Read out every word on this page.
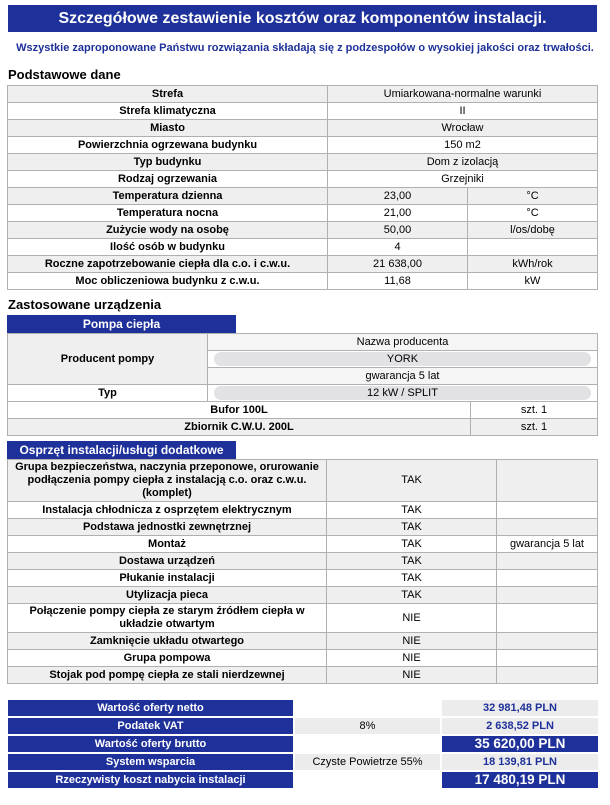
Szczegółowe zestawienie kosztów oraz komponentów instalacji.
Wszystkie zaproponowane Państwu rozwiązania składają się z podzespołów o wysokiej jakości oraz trwałości.
Podstawowe dane
Strefa	Umiarkowana-normalne warunki	
Strefa klimatyczna	II	
Miasto	Wrocław	
Powierzchnia ogrzewana budynku	150 m2	
Typ budynku	Dom z izolacją	
Rodzaj ogrzewania	Grzejniki	
Temperatura dzienna	23,00	°C
Temperatura nocna	21,00	°C
Zużycie wody na osobę	50,00	l/os/dobę
Ilość osób w budynku	4	
Roczne zapotrzebowanie ciepła dla c.o. i c.w.u.	21 638,00	kWh/rok
Moc obliczeniowa budynku z c.w.u.	11,68	kW
Zastosowane urządzenia
Pompa ciepła
Producent pompy	Nazwa producenta	

	YORK	

	gwarancja 5 lat	
Typ	12 kW / SPLIT	

Bufor 100L		szt. 1
Zbiornik C.W.U. 200L		szt. 1
Osprzęt instalacji/usługi dodatkowe
Grupa bezpieczeństwa, naczynia przeponowe, orurowanie podłączenia pompy ciepła z instalacją c.o. oraz c.w.u. (komplet)	TAK	
Instalacja chłodnicza z osprzętem elektrycznym	TAK	
Podstawa jednostki zewnętrznej	TAK	
Montaż	TAK	gwarancja 5 lat
Dostawa urządzeń	TAK	
Płukanie instalacji	TAK	
Utylizacja pieca	TAK	
Połączenie pompy ciepła ze starym źródłem ciepła w układzie otwartym	NIE	
Zamknięcie układu otwartego	NIE	
Grupa pompowa	NIE	
Stojak pod pompę ciepła ze stali nierdzewnej	NIE	
Wartość oferty netto		32 981,48 PLN
Podatek VAT	8%	2 638,52 PLN
Wartość oferty brutto		35 620,00 PLN
System wsparcia	Czyste Powietrze 55%	18 139,81 PLN
Rzeczywisty koszt nabycia instalacji		17 480,19 PLN
